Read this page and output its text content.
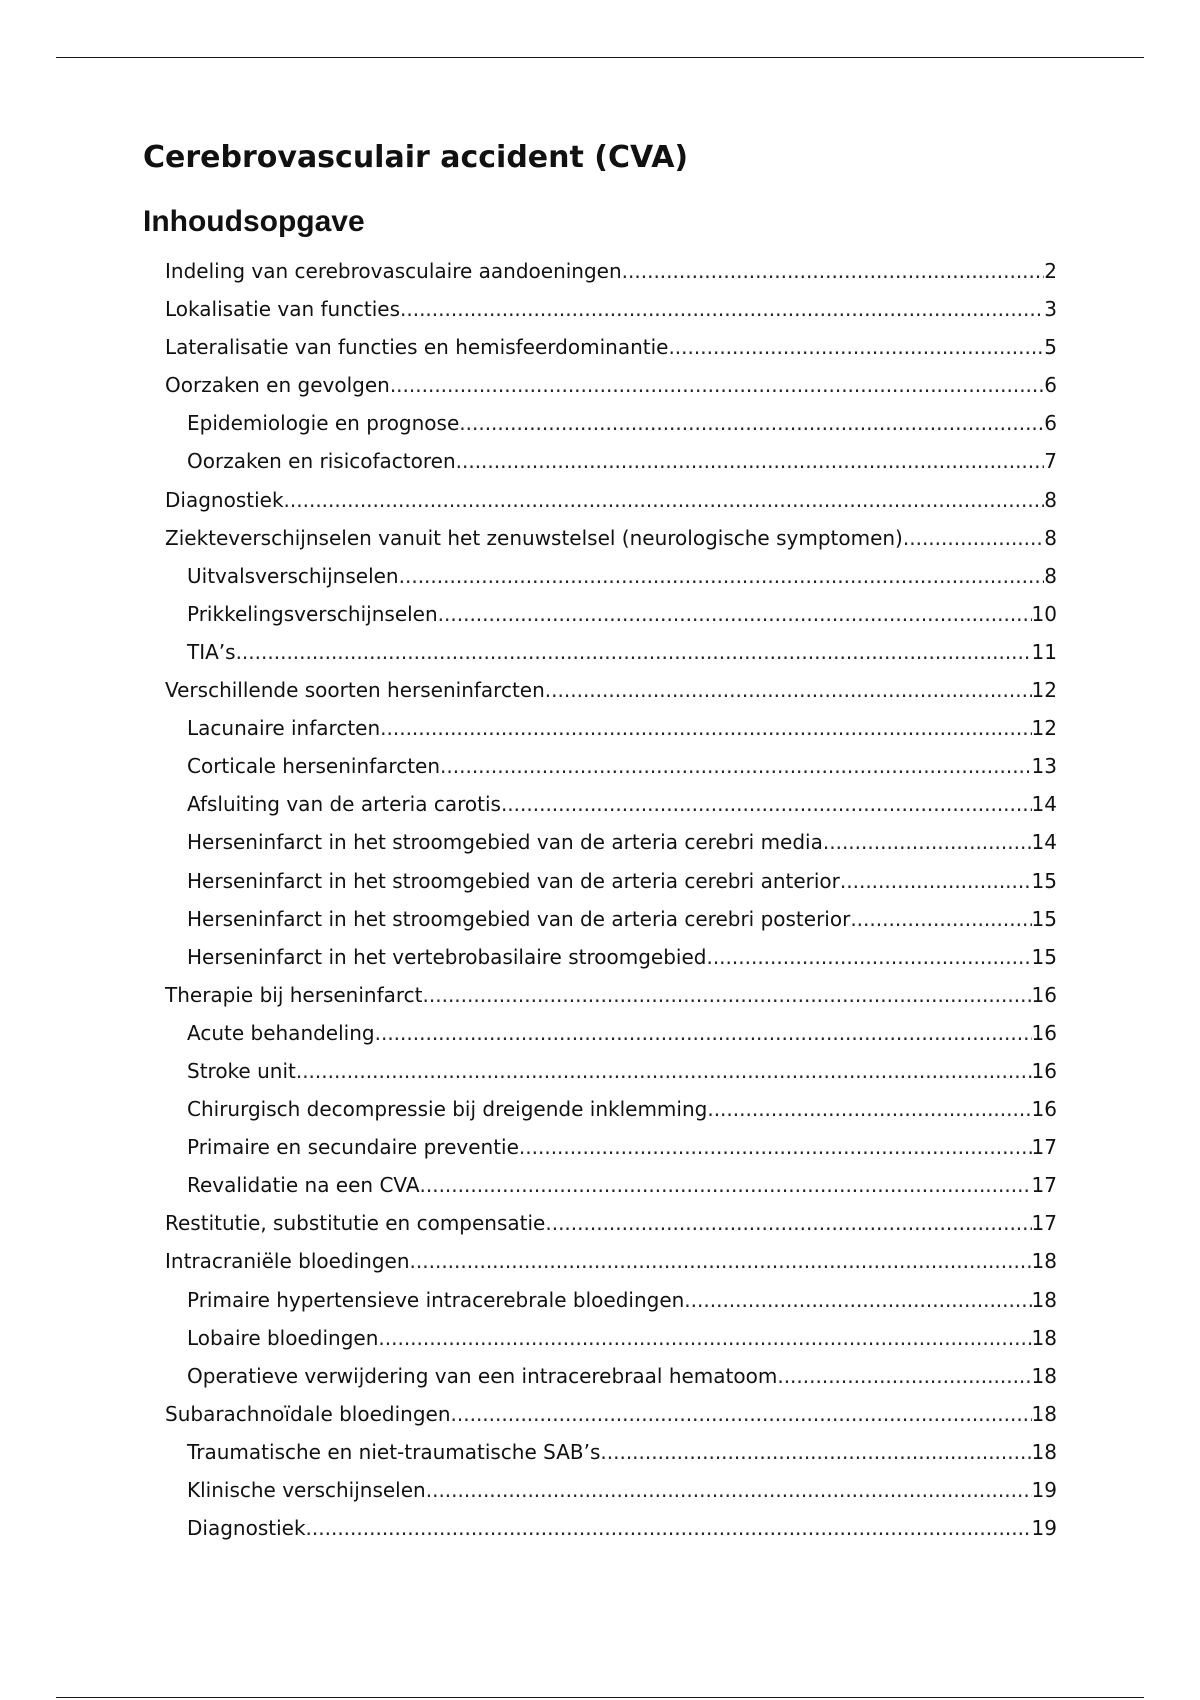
Cerebrovasculair accident (CVA)
Inhoudsopgave
Indeling van cerebrovasculaire aandoeningen .....	2
Lokalisatie van functies .....	3
Lateralisatie van functies en hemisfeerdominantie .....	5
Oorzaken en gevolgen .....	6
Epidemiologie en prognose .....	6
Oorzaken en risicofactoren .....	7
Diagnostiek .....	8
Ziekteverschijnselen vanuit het zenuwstelsel (neurologische symptomen) .....	8
Uitvalsverschijnselen .....	8
Prikkelingsverschijnselen .....	10
TIA’s .....	11
Verschillende soorten herseninfarcten .....	12
Lacunaire infarcten .....	12
Corticale herseninfarcten .....	13
Afsluiting van de arteria carotis .....	14
Herseninfarct in het stroomgebied van de arteria cerebri media .....	14
Herseninfarct in het stroomgebied van de arteria cerebri anterior .....	15
Herseninfarct in het stroomgebied van de arteria cerebri posterior .....	15
Herseninfarct in het vertebrobasilaire stroomgebied .....	15
Therapie bij herseninfarct .....	16
Acute behandeling .....	16
Stroke unit .....	16
Chirurgisch decompressie bij dreigende inklemming .....	16
Primaire en secundaire preventie .....	17
Revalidatie na een CVA .....	17
Restitutie, substitutie en compensatie .....	17
Intracraniële bloedingen .....	18
Primaire hypertensieve intracerebrale bloedingen .....	18
Lobaire bloedingen .....	18
Operatieve verwijdering van een intracerebraal hematoom .....	18
Subarachnoïdale bloedingen .....	18
Traumatische en niet-traumatische SAB’s .....	18
Klinische verschijnselen .....	19
Diagnostiek .....	19
